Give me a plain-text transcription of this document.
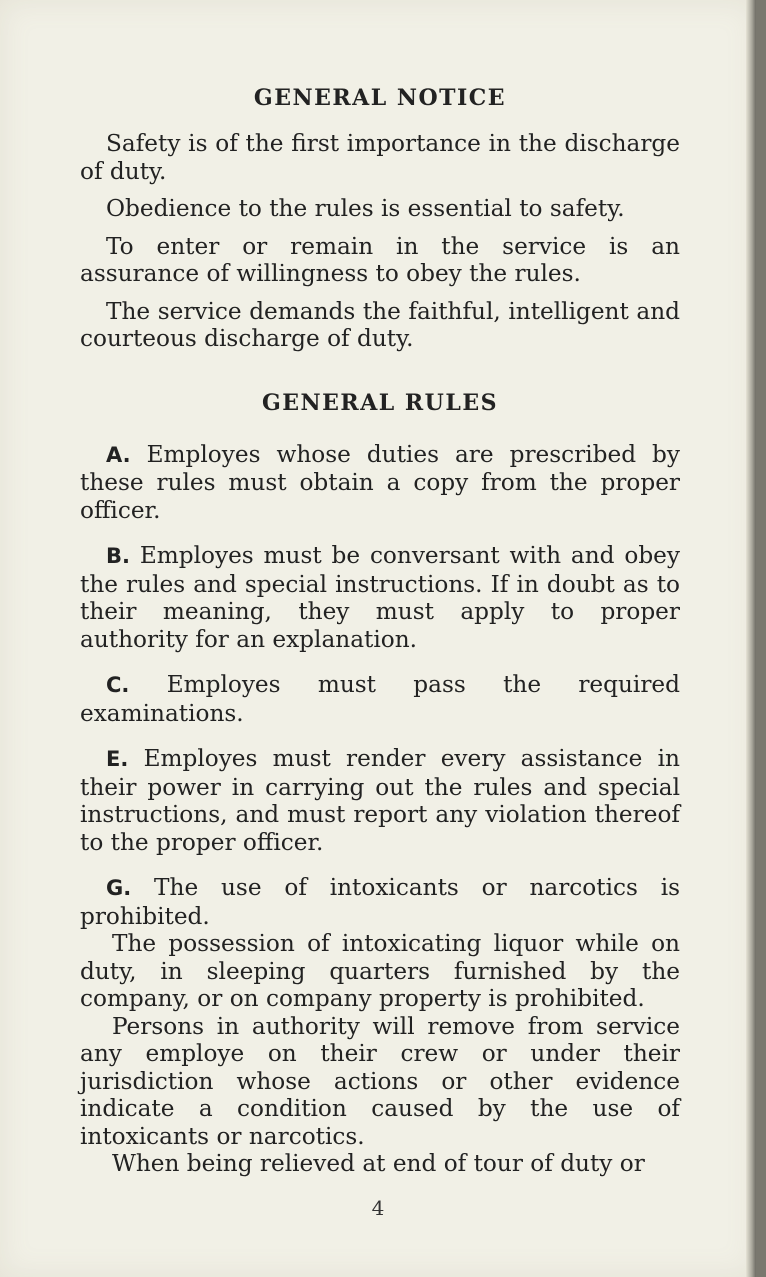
GENERAL NOTICE

Safety is of the first importance in the discharge of duty.

Obedience to the rules is essential to safety.

To enter or remain in the service is an assurance of willingness to obey the rules.

The service demands the faithful, intelligent and courteous discharge of duty.

GENERAL RULES

A. Employes whose duties are prescribed by these rules must obtain a copy from the proper officer.

B. Employes must be conversant with and obey the rules and special instructions. If in doubt as to their meaning, they must apply to proper authority for an explanation.

C. Employes must pass the required examinations.

E. Employes must render every assistance in their power in carrying out the rules and special instructions, and must report any violation thereof to the proper officer.

G. The use of intoxicants or narcotics is prohibited.

The possession of intoxicating liquor while on duty, in sleeping quarters furnished by the company, or on company property is prohibited.

Persons in authority will remove from service any employe on their crew or under their jurisdiction whose actions or other evidence indicate a condition caused by the use of intoxicants or narcotics.

When being relieved at end of tour of duty or

4
